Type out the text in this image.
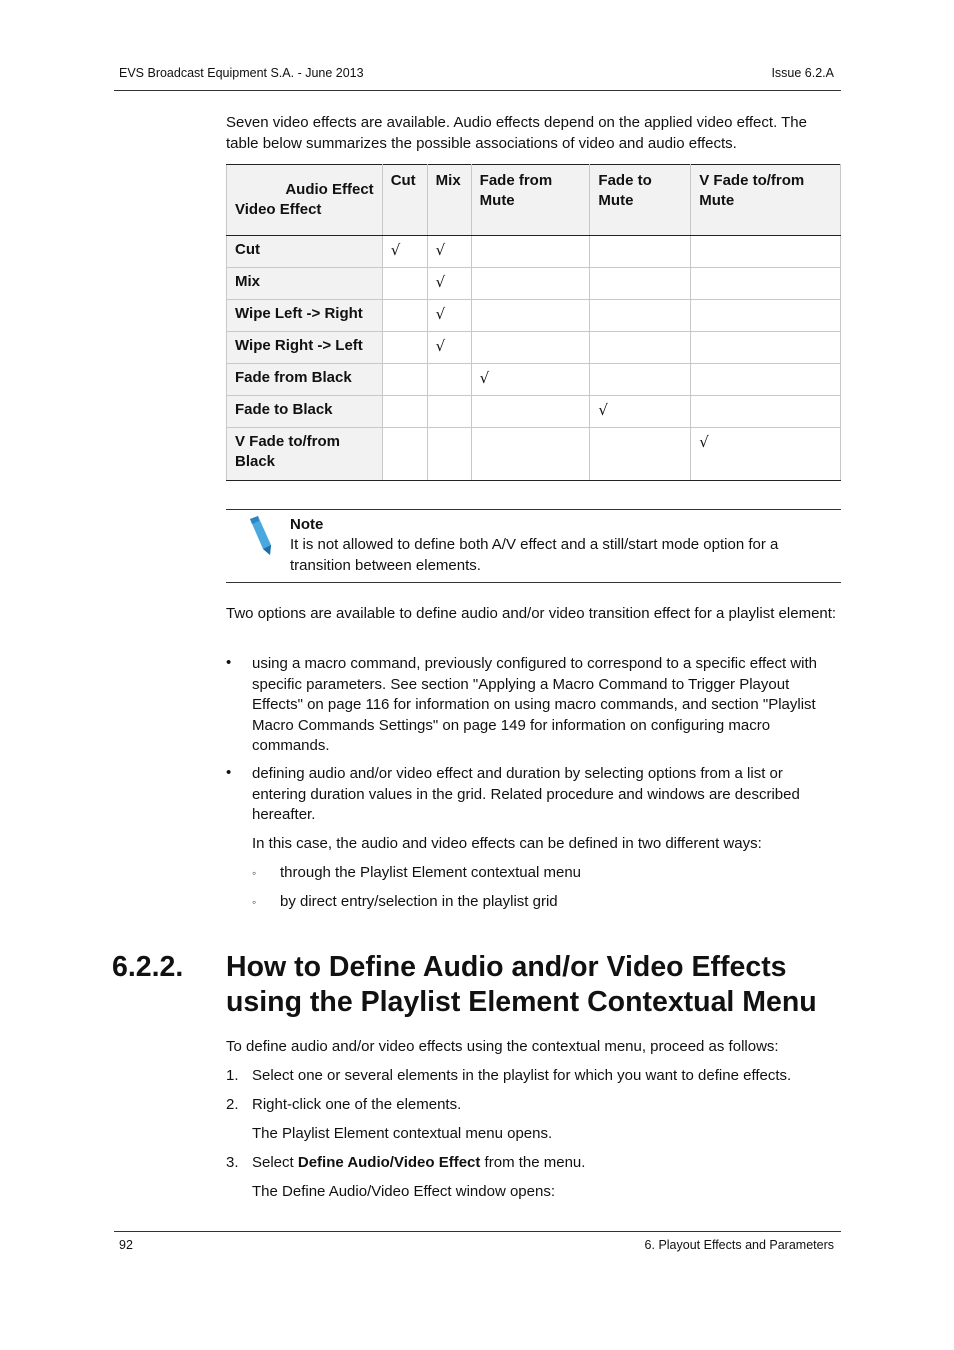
EVS Broadcast Equipment S.A. - June 2013	Issue 6.2.A

Seven video effects are available. Audio effects depend on the applied video effect. The table below summarizes the possible associations of video and audio effects.

Audio Effect
Video Effect	Cut	Mix	Fade from Mute	Fade to Mute	V Fade to/from Mute
Cut	√	√			
Mix		√			
Wipe Left -> Right		√			
Wipe Right -> Left		√			
Fade from Black			√		
Fade to Black				√	
V Fade to/from Black					√
Note
It is not allowed to define both A/V effect and a still/start mode option for a transition between elements.

Two options are available to define audio and/or video transition effect for a playlist element:

• using a macro command, previously configured to correspond to a specific effect with specific parameters. See section "Applying a Macro Command to Trigger Playout Effects" on page 116 for information on using macro commands, and section "Playlist Macro Commands Settings" on page 149 for information on configuring macro commands.

• defining audio and/or video effect and duration by selecting options from a list or entering duration values in the grid. Related procedure and windows are described hereafter.

In this case, the audio and video effects can be defined in two different ways:

◦ through the Playlist Element contextual menu
◦ by direct entry/selection in the playlist grid
6.2.2. How to Define Audio and/or Video Effects
using the Playlist Element Contextual Menu

To define audio and/or video effects using the contextual menu, proceed as follows:

1. Select one or several elements in the playlist for which you want to define effects.
2. Right-click one of the elements.
The Playlist Element contextual menu opens.
3. Select Define Audio/Video Effect from the menu.
The Define Audio/Video Effect window opens:
92	6. Playout Effects and Parameters
